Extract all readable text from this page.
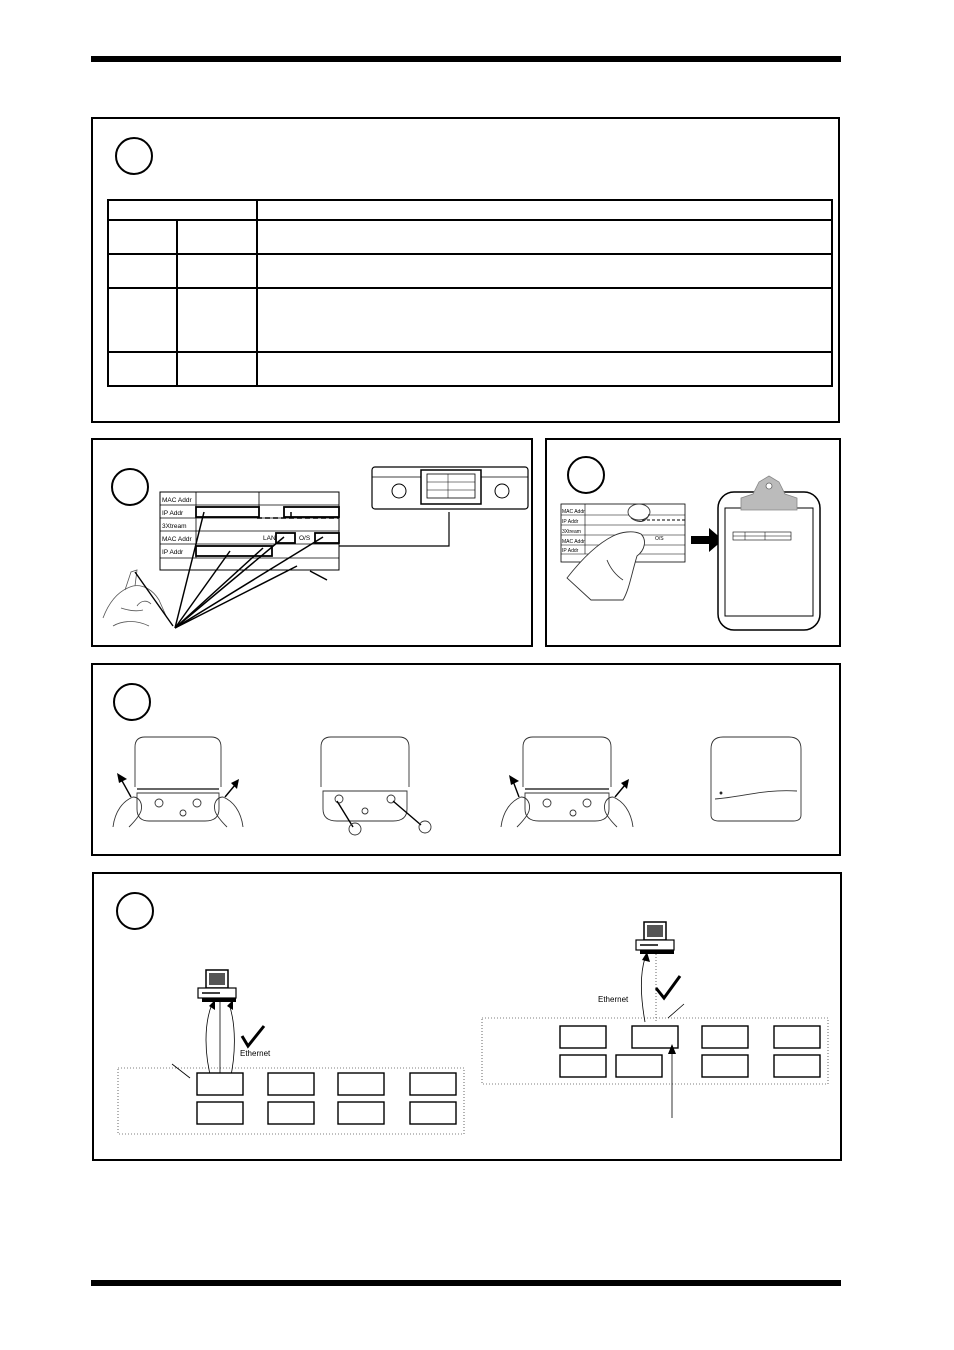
MAC Addr
IP Addr
3Xtream
MAC Addr
IP Addr
LAN	O/S
MAC Addr
IP Addr
3Xtream
MAC Addr
IP Addr
O/S
Ethernet
Ethernet
